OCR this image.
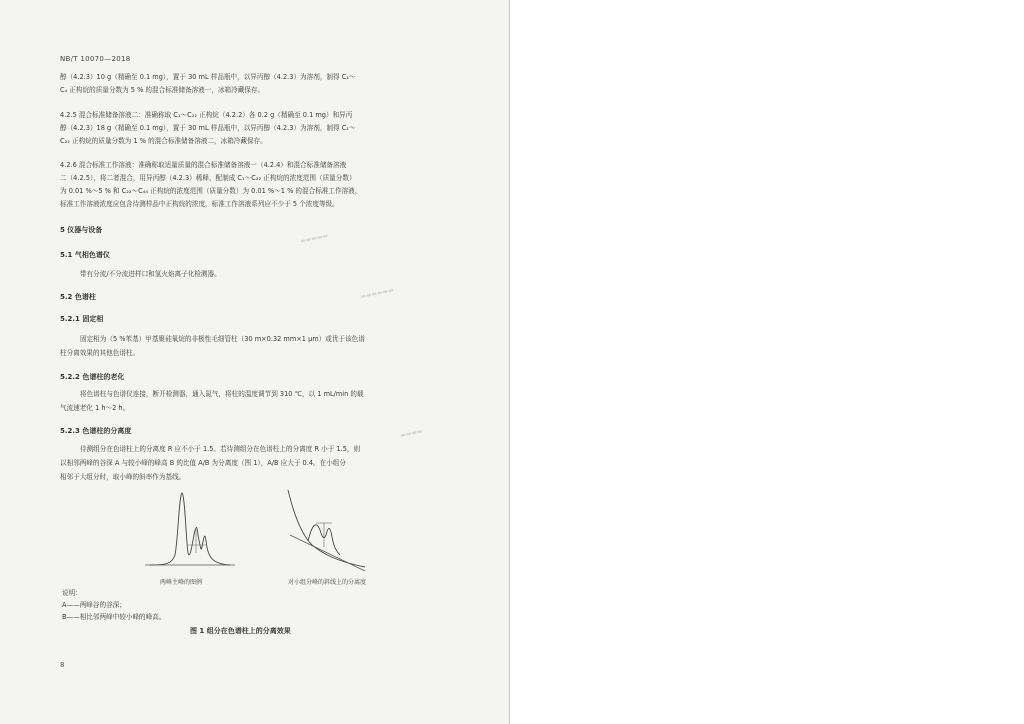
NB/T 10070—2018
醇（4.2.3）10 g（精确至 0.1 mg），置于 30 mL 样品瓶中，以异丙醇（4.2.3）为溶剂，制得 C₁～
C₄ 正构烷的质量分数为 5 % 的混合标准储备溶液一，冰箱冷藏保存。
4.2.5 混合标准储备溶液二：准确称取 C₁～C₂₂ 正构烷（4.2.2）各 0.2 g（精确至 0.1 mg）和异丙
醇（4.2.3）18 g（精确至 0.1 mg），置于 30 mL 样品瓶中，以异丙醇（4.2.3）为溶剂，制得 C₁～
C₂₂ 正构烷的质量分数为 1 % 的混合标准储备溶液二，冰箱冷藏保存。
4.2.6 混合标准工作溶液：准确称取适量质量的混合标准储备溶液一（4.2.4）和混合标准储备溶液
二（4.2.5），将二者混合，用异丙醇（4.2.3）稀释，配制成 C₁～C₂₂ 正构烷的浓度范围（质量分数）
为 0.01 %～5 % 和 C₂₂～C₄₄ 正构烷的浓度范围（质量分数）为 0.01 %～1 % 的混合标准工作溶液，
标准工作溶液浓度应包含待测样品中正构烷的浓度，标准工作溶液系列应不少于 5 个浓度等级。
▬▬▬▬▬
▬▬▬▬▬▬
▬▬▬▬
5 仪器与设备
5.1 气相色谱仪
带有分流/不分流进样口和氢火焰离子化检测器。
5.2 色谱柱
5.2.1 固定相
固定相为（5 %苯基）甲基聚硅氧烷的非极性毛细管柱（30 m×0.32 mm×1 μm）或优于该色谱
柱分离效果的其他色谱柱。
5.2.2 色谱柱的老化
将色谱柱与色谱仪连接，断开检测器，通入氮气，将柱的温度调节到 310 ℃，以 1 mL/min 的载
气流速老化 1 h～2 h。
5.2.3 色谱柱的分离度
待测组分在色谱柱上的分离度 R 应不小于 1.5。若待测组分在色谱柱上的分离度 R 小于 1.5，则
以相邻两峰的谷深 A 与较小峰的峰高 B 的比值 A/B 为分离度（图 1），A/B 应大于 0.4。在小组分
相邻于大组分时，取小峰的斜率作为基线。
两峰主峰的图例	对小组分峰的斜线上的分离度
说明：
A——两峰谷的谷深；
B——相比邻两峰中较小峰的峰高。
图 1 组分在色谱柱上的分离效果
8
